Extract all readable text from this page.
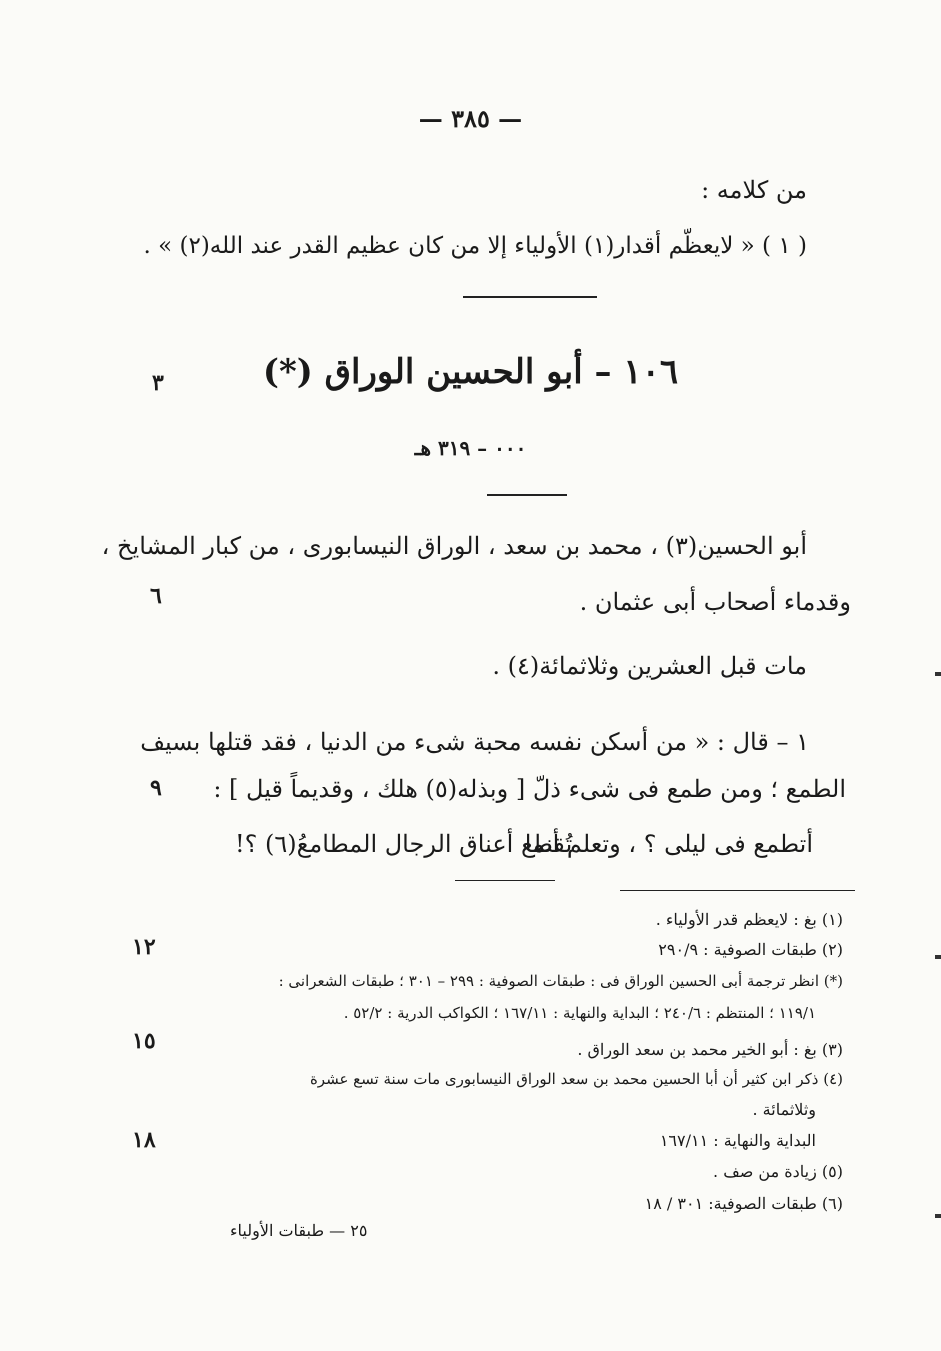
— ٣٨٥ —
من كلامه :
( ١ ) « لايعظّم أقدار(١) الأولياء إلا من كان عظيم القدر عند الله(٢) » .
١٠٦ – أبو الحسين الوراق (*)
٣
٠٠٠ – ٣١٩ هـ
أبو الحسين(٣) ، محمد بن سعد ، الوراق النيسابورى ، من كبار المشايخ ،
وقدماء أصحاب أبى عثمان .
٦
مات قبل العشرين وثلاثمائة(٤) .
١ – قال : « من أسكن نفسه محبة شىء من الدنيا ، فقد قتلها بسيف
الطمع ؛ ومن طمع فى شىء ذلّ [ وبذله(٥) هلك ، وقديماً قيل ] :
٩
أتطمع فى ليلى ؟ ، وتعلم أنما
تُقطع أعناق الرجال المطامعُ(٦) ؟!
(١) بغ : لايعظم قدر الأولياء .
(٢) طبقات الصوفية : ٢٩٠/٩
١٢
(*) انظر ترجمة أبى الحسين الوراق فى : طبقات الصوفية : ٢٩٩ – ٣٠١ ؛ طبقات الشعرانى :
١١٩/١ ؛ المنتظم : ٢٤٠/٦ ؛ البداية والنهاية : ١٦٧/١١ ؛ الكواكب الدرية : ٥٢/٢ .
١٥	(٣) بغ : أبو الخير محمد بن سعد الوراق .
(٤) ذكر ابن كثير أن أبا الحسين محمد بن سعد الوراق النيسابورى مات سنة تسع عشرة
وثلاثمائة .
البداية والنهاية : ١٦٧/١١
١٨
(٥) زيادة من صف .
(٦) طبقات الصوفية: ٣٠١ / ١٨
٢٥ — طبقات الأولياء
